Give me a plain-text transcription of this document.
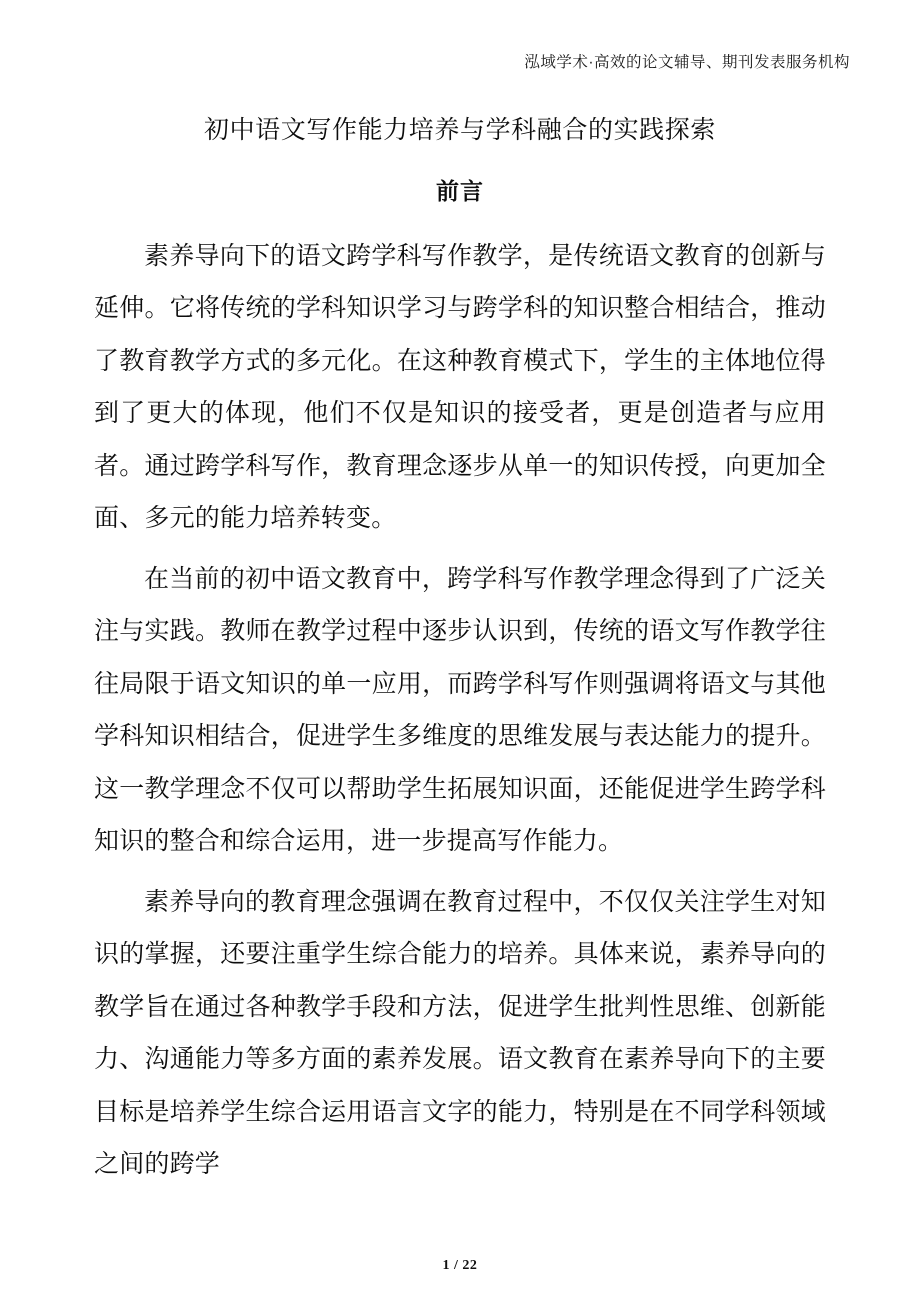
泓域学术·高效的论文辅导、期刊发表服务机构
初中语文写作能力培养与学科融合的实践探索
前言

素养导向下的语文跨学科写作教学，是传统语文教育的创新与延伸。它将传统的学科知识学习与跨学科的知识整合相结合，推动了教育教学方式的多元化。在这种教育模式下，学生的主体地位得到了更大的体现，他们不仅是知识的接受者，更是创造者与应用者。通过跨学科写作，教育理念逐步从单一的知识传授，向更加全面、多元的能力培养转变。

在当前的初中语文教育中，跨学科写作教学理念得到了广泛关注与实践。教师在教学过程中逐步认识到，传统的语文写作教学往往局限于语文知识的单一应用，而跨学科写作则强调将语文与其他学科知识相结合，促进学生多维度的思维发展与表达能力的提升。这一教学理念不仅可以帮助学生拓展知识面，还能促进学生跨学科知识的整合和综合运用，进一步提高写作能力。

素养导向的教育理念强调在教育过程中，不仅仅关注学生对知识的掌握，还要注重学生综合能力的培养。具体来说，素养导向的教学旨在通过各种教学手段和方法，促进学生批判性思维、创新能力、沟通能力等多方面的素养发展。语文教育在素养导向下的主要目标是培养学生综合运用语言文字的能力，特别是在不同学科领域之间的跨学

1 / 22
